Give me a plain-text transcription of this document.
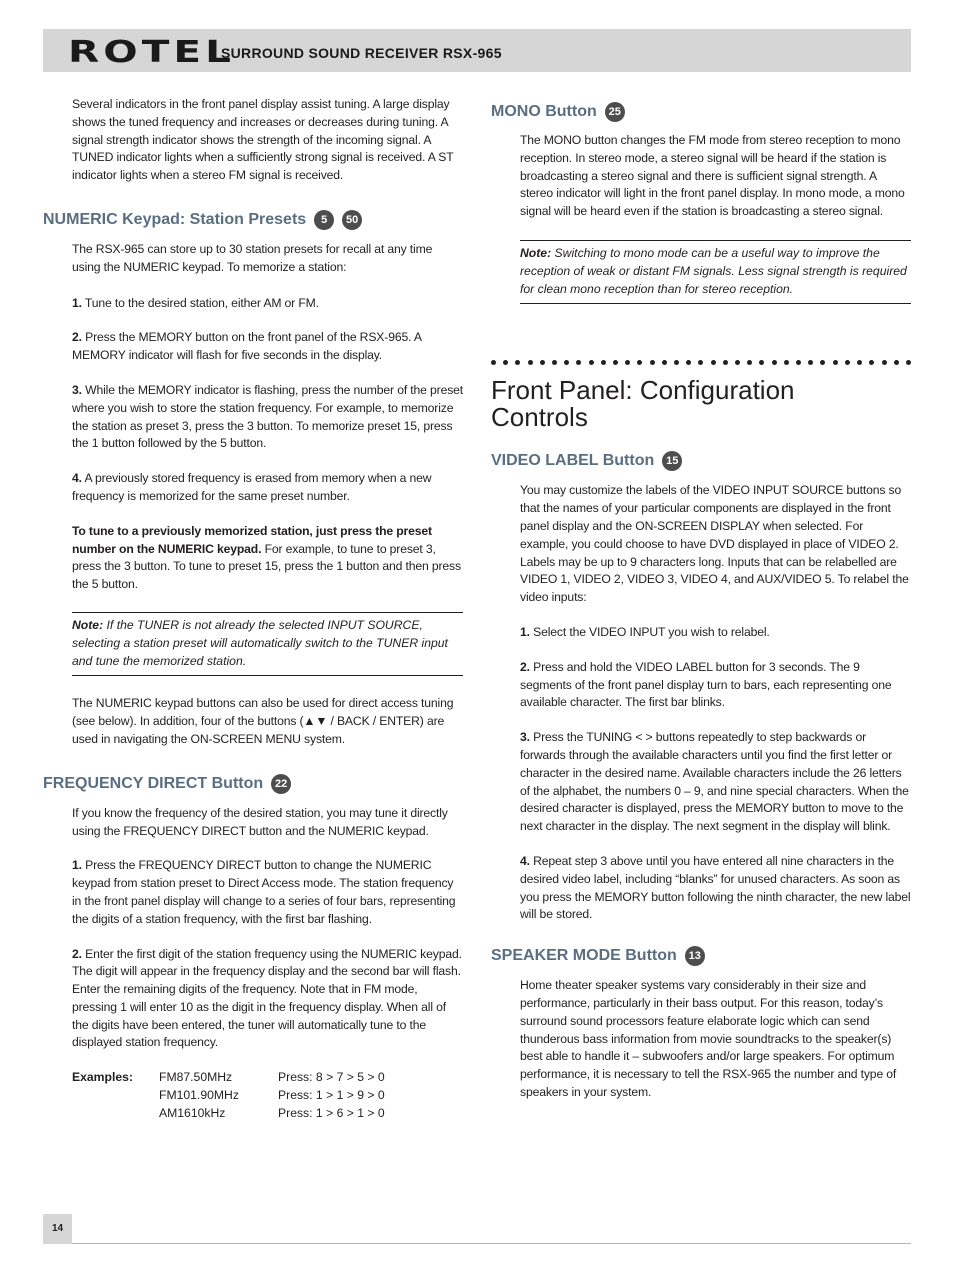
ROTEL
SURROUND SOUND RECEIVER RSX-965

Several indicators in the front panel display assist tuning. A large display shows the tuned frequency and increases or decreases during tuning. A signal strength indicator shows the strength of the incoming signal. A TUNED indicator lights when a sufficiently strong signal is received. A ST indicator lights when a stereo FM signal is received.

NUMERIC Keypad: Station Presets	5	50

The RSX-965 can store up to 30 station presets for recall at any time using the NUMERIC keypad. To memorize a station:

1. Tune to the desired station, either AM or FM.

2. Press the MEMORY button on the front panel of the RSX-965. A MEMORY indicator will flash for five seconds in the display.

3. While the MEMORY indicator is flashing, press the number of the preset where you wish to store the station frequency. For example, to memorize the station as preset 3, press the 3 button. To memorize preset 15, press the 1 button followed by the 5 button.

4. A previously stored frequency is erased from memory when a new frequency is memorized for the same preset number.

To tune to a previously memorized station, just press the preset number on the NUMERIC keypad. For example, to tune to preset 3, press the 3 button. To tune to preset 15, press the 1 button and then press the 5 button.

Note: If the TUNER is not already the selected INPUT SOURCE, selecting a station preset will automatically switch to the TUNER input and tune the memorized station.

The NUMERIC keypad buttons can also be used for direct access tuning (see below). In addition, four of the buttons (▲▼ / BACK / ENTER) are used in navigating the ON-SCREEN MENU system.

FREQUENCY DIRECT Button	22

If you know the frequency of the desired station, you may tune it directly using the FREQUENCY DIRECT button and the NUMERIC keypad.

1. Press the FREQUENCY DIRECT button to change the NUMERIC keypad from station preset to Direct Access mode. The station frequency in the front panel display will change to a series of four bars, representing the digits of a station frequency, with the first bar flashing.

2. Enter the first digit of the station frequency using the NUMERIC keypad. The digit will appear in the frequency display and the second bar will flash. Enter the remaining digits of the frequency. Note that in FM mode, pressing 1 will enter 10 as the digit in the frequency display. When all of the digits have been entered, the tuner will automatically tune to the displayed station frequency.

Examples:	FM87.50MHz	Press: 8 > 7 > 5 > 0
	FM101.90MHz	Press: 1 > 1 > 9 > 0
	AM1610kHz	Press: 1 > 6 > 1 > 0
MONO Button	25

The MONO button changes the FM mode from stereo reception to mono reception. In stereo mode, a stereo signal will be heard if the station is broadcasting a stereo signal and there is sufficient signal strength. A stereo indicator will light in the front panel display. In mono mode, a mono signal will be heard even if the station is broadcasting a stereo signal.

Note: Switching to mono mode can be a useful way to improve the reception of weak or distant FM signals. Less signal strength is required for clean mono reception than for stereo reception.
Front Panel: Configuration Controls
VIDEO LABEL Button	15

You may customize the labels of the VIDEO INPUT SOURCE buttons so that the names of your particular components are displayed in the front panel display and the ON-SCREEN DISPLAY when selected. For example, you could choose to have DVD displayed in place of VIDEO 2. Labels may be up to 9 characters long. Inputs that can be relabelled are VIDEO 1, VIDEO 2, VIDEO 3, VIDEO 4, and AUX/VIDEO 5. To relabel the video inputs:

1. Select the VIDEO INPUT you wish to relabel.

2. Press and hold the VIDEO LABEL button for 3 seconds. The 9 segments of the front panel display turn to bars, each representing one available character. The first bar blinks.

3. Press the TUNING < > buttons repeatedly to step backwards or forwards through the available characters until you find the first letter or character in the desired name. Available characters include the 26 letters of the alphabet, the numbers 0 – 9, and nine special characters. When the desired character is displayed, press the MEMORY button to move to the next character in the display. The next segment in the display will blink.

4. Repeat step 3 above until you have entered all nine characters in the desired video label, including “blanks” for unused characters. As soon as you press the MEMORY button following the ninth character, the new label will be stored.

SPEAKER MODE Button	13

Home theater speaker systems vary considerably in their size and performance, particularly in their bass output. For this reason, today’s surround sound processors feature elaborate logic which can send thunderous bass information from movie soundtracks to the speaker(s) best able to handle it – subwoofers and/or large speakers. For optimum performance, it is necessary to tell the RSX-965 the number and type of speakers in your system.

14
